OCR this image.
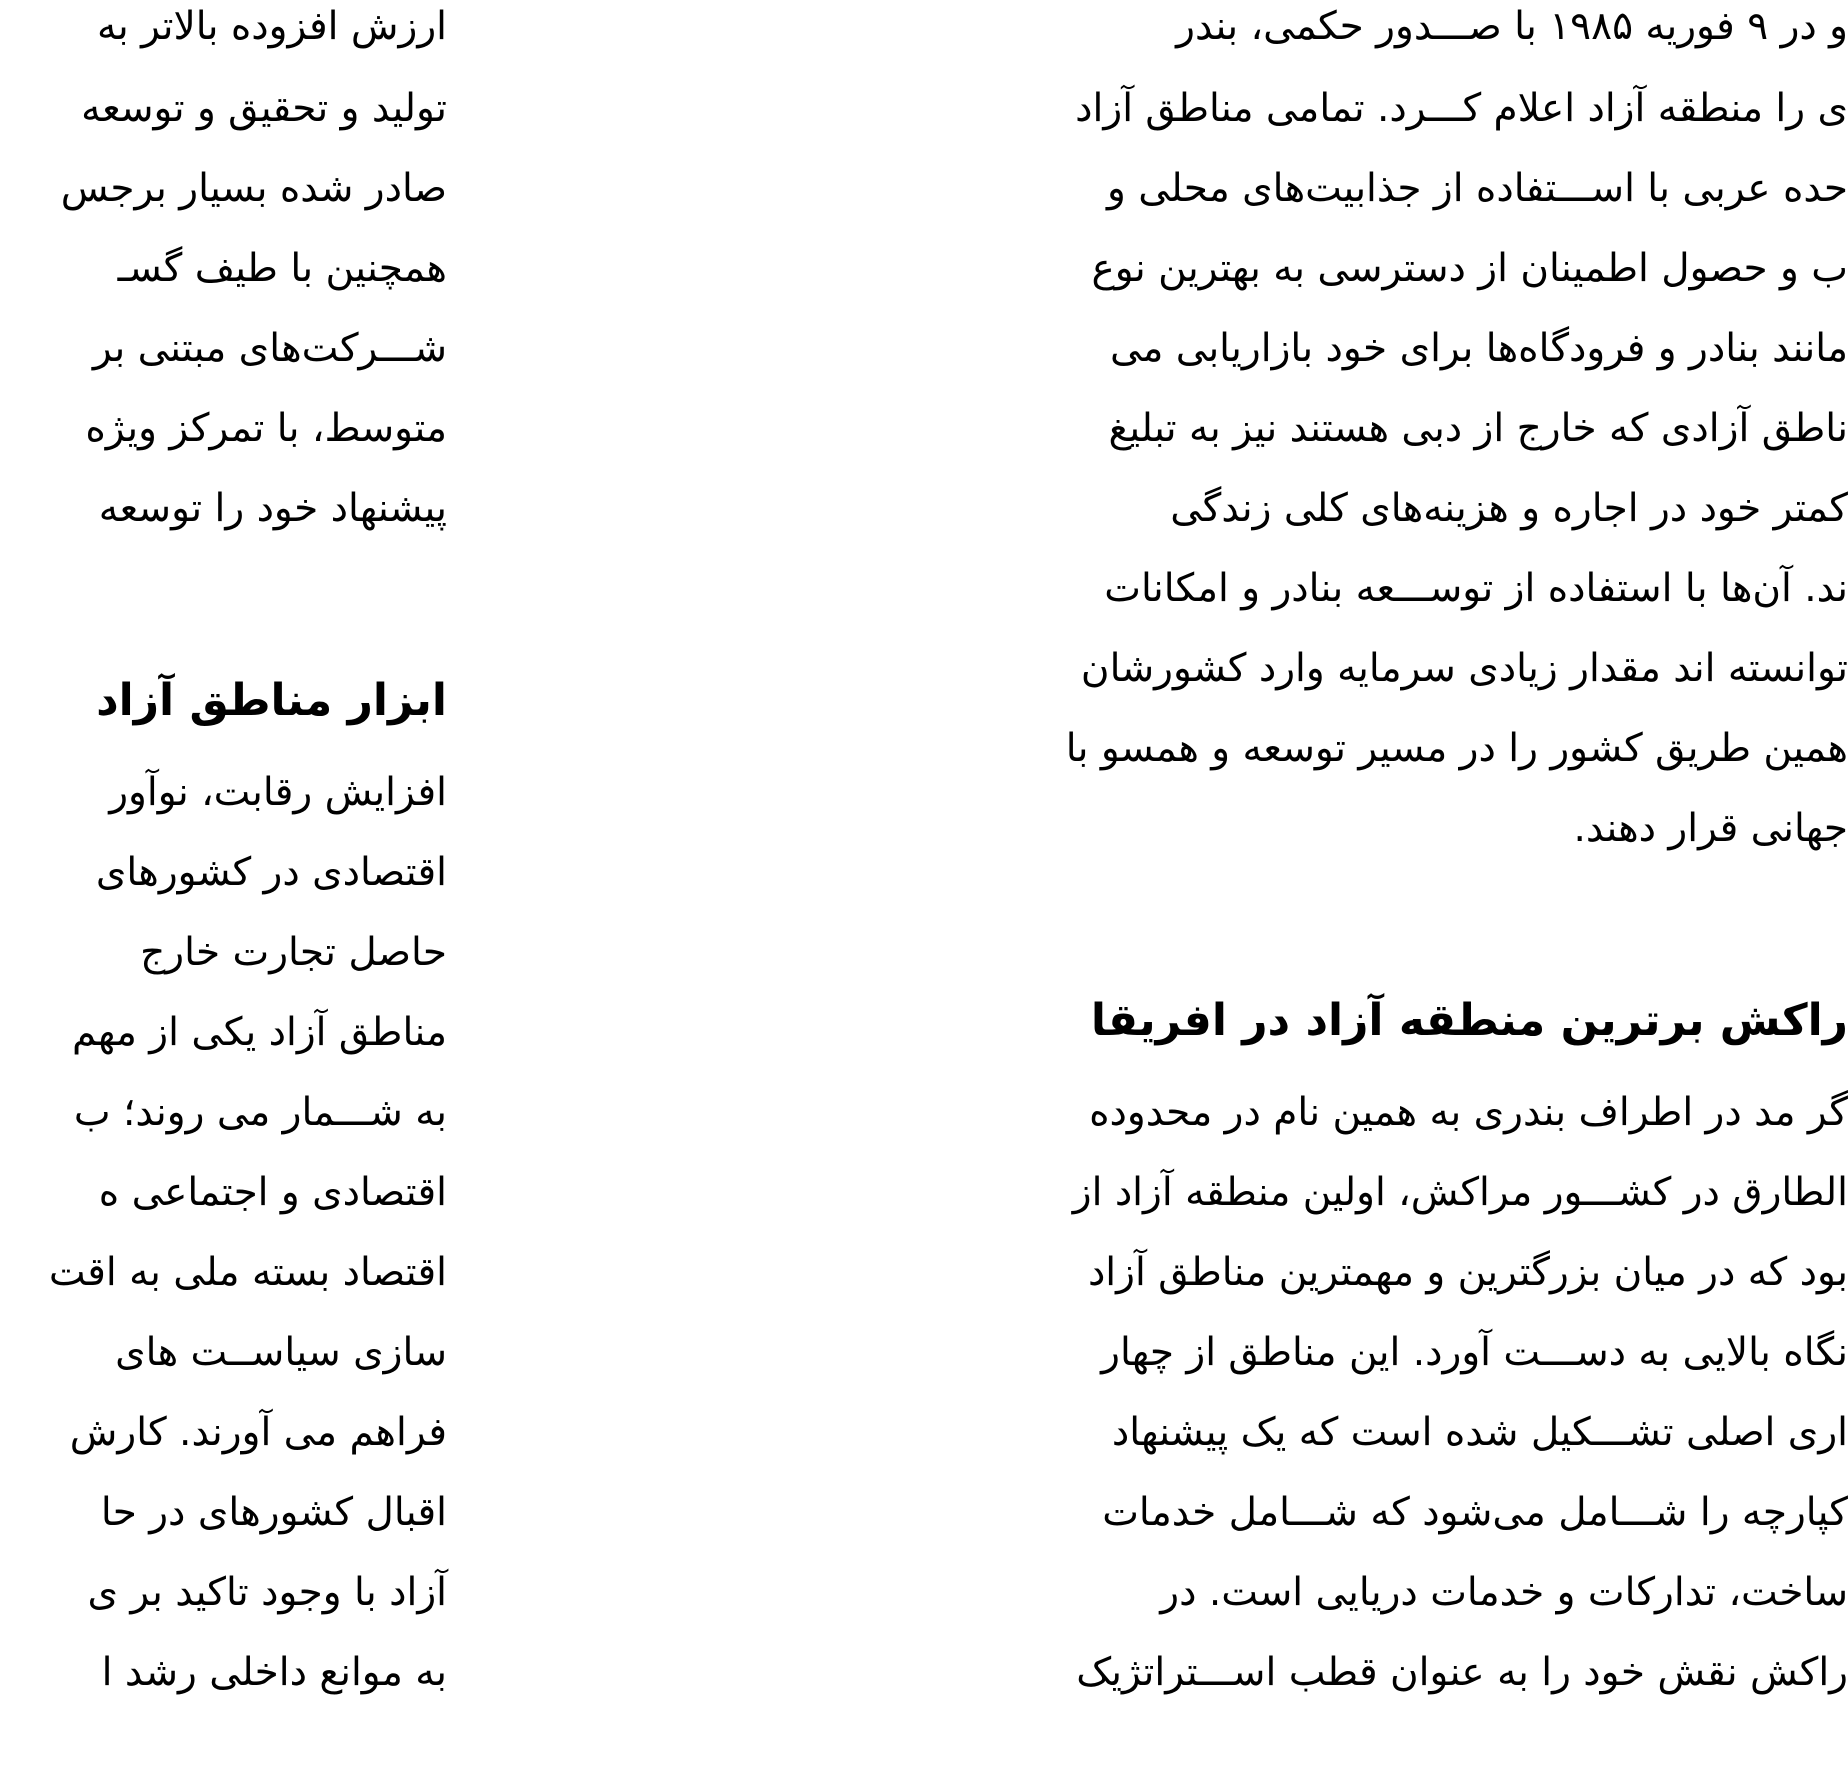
ارزش افزوده بالاتر به
تولید و تحقیق و توسعه
صادر شده بسیار برجس
همچنین با طیف گسـ
شـــرکت‌های مبتنی بر
متوسط، با تمرکز ویژه
پیشنهاد خود را توسعه
ابزار مناطق آزاد
افزایش رقابت، نوآور
اقتصادی در کشورهای
حاصل تجارت خارج
مناطق آزاد یکی از مهم
به شـــمار می روند؛ ب
اقتصادی و اجتماعی ه
اقتصاد بسته ملی به اقت
سازی سیاســت های
فراهم می آورند. کارش
اقبال کشورهای در حا
آزاد با وجود تاکید بر ی
به موانع داخلی رشد ا
و در ۹ فوریه ۱۹۸۵ با صـــدور حکمی، بندر
ی را منطقه آزاد اعلام کـــرد. تمامی مناطق آزاد
حده عربی با اســـتفاده از جذابیت‌های محلی و
ب و حصول اطمینان از دسترسی به بهترین نوع
مانند بنادر و فرودگاه‌ها برای خود بازاریابی می
ناطق آزادی که خارج از دبی هستند نیز به تبلیغ
کمتر خود در اجاره و هزینه‌های کلی زندگی
ند. آن‌ها با استفاده از توســـعه بنادر و امکانات
توانسته اند مقدار زیادی سرمایه وارد کشورشان
همین طریق کشور را در مسیر توسعه و همسو با
جهانی قرار دهند.
راکش برترین منطقه آزاد در افریقا
گر مد در اطراف بندری به همین نام در محدوده
الطارق در کشـــور مراکش، اولین منطقه آزاد از
بود که در میان بزرگترین و مهمترین مناطق آزاد
نگاه بالایی به دســـت آورد. این مناطق از چهار
اری اصلی تشـــکیل شده است که یک پیشنهاد
کپارچه را شـــامل می‌شود که شـــامل خدمات
ساخت، تدارکات و خدمات دریایی است. در
راکش نقش خود را به عنوان قطب اســـتراتژیک
